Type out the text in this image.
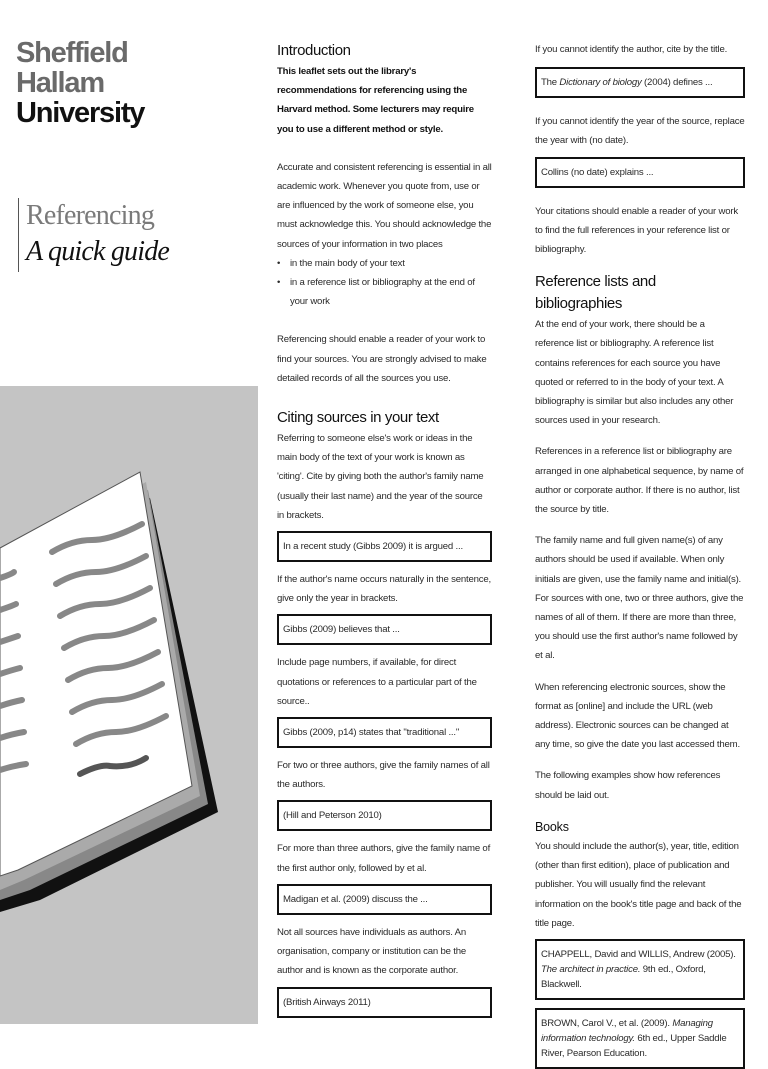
Sheffield
Hallam
University
Referencing
A quick guide
Introduction

This leaflet sets out the library's recommendations for referencing using the Harvard method. Some lecturers may require you to use a different method or style.

Accurate and consistent referencing is essential in all academic work. Whenever you quote from, use or are influenced by the work of someone else, you must acknowledge this. You should acknowledge the sources of your information in two places

• in the main body of your text
• in a reference list or bibliography at the end of your work

Referencing should enable a reader of your work to find your sources. You are strongly advised to make detailed records of all the sources you use.

Citing sources in your text

Referring to someone else's work or ideas in the main body of the text of your work is known as 'citing'. Cite by giving both the author's family name (usually their last name) and the year of the source in brackets.

In a recent study (Gibbs 2009) it is argued ...

If the author's name occurs naturally in the sentence, give only the year in brackets.

Gibbs (2009) believes that ...

Include page numbers, if available, for direct quotations or references to a particular part of the source..

Gibbs (2009, p14) states that "traditional ..."

For two or three authors, give the family names of all the authors.

(Hill and Peterson 2010)

For more than three authors, give the family name of the first author only, followed by et al.

Madigan et al. (2009) discuss the ...

Not all sources have individuals as authors. An organisation, company or institution can be the author and is known as the corporate author.

(British Airways 2011)

If you cannot identify the author, cite by the title.

The Dictionary of biology (2004) defines ...

If you cannot identify the year of the source, replace the year with (no date).

Collins (no date) explains ...

Your citations should enable a reader of your work to find the full references in your reference list or bibliography.

Reference lists and bibliographies

At the end of your work, there should be a reference list or bibliography. A reference list contains references for each source you have quoted or referred to in the body of your text. A bibliography is similar but also includes any other sources used in your research.

References in a reference list or bibliography are arranged in one alphabetical sequence, by name of author or corporate author. If there is no author, list the source by title.

The family name and full given name(s) of any authors should be used if available. When only initials are given, use the family name and initial(s). For sources with one, two or three authors, give the names of all of them. If there are more than three, you should use the first author's name followed by et al.

When referencing electronic sources, show the format as [online] and include the URL (web address). Electronic sources can be changed at any time, so give the date you last accessed them.

The following examples show how references should be laid out.

Books

You should include the author(s), year, title, edition (other than first edition), place of publication and publisher. You will usually find the relevant information on the book's title page and back of the title page.

CHAPPELL, David and WILLIS, Andrew (2005). The architect in practice. 9th ed., Oxford, Blackwell.

BROWN, Carol V., et al. (2009). Managing information technology. 6th ed., Upper Saddle River, Pearson Education.
